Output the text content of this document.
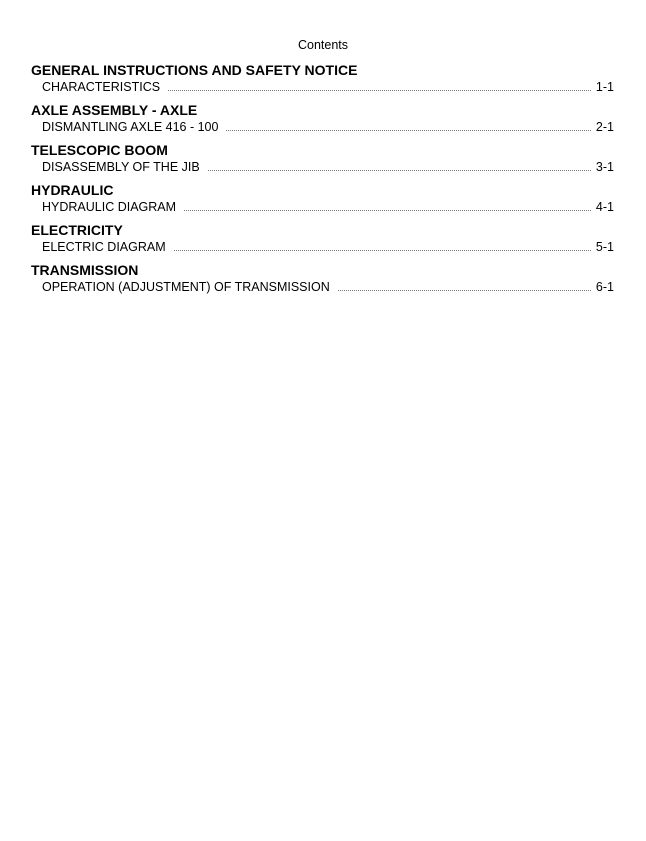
Contents
GENERAL INSTRUCTIONS AND SAFETY NOTICE
CHARACTERISTICS	1-1
AXLE ASSEMBLY - AXLE
DISMANTLING AXLE 416 - 100	2-1
TELESCOPIC BOOM
DISASSEMBLY OF THE JIB	3-1
HYDRAULIC
HYDRAULIC DIAGRAM	4-1
ELECTRICITY
ELECTRIC DIAGRAM	5-1
TRANSMISSION
OPERATION (ADJUSTMENT) OF TRANSMISSION	6-1
